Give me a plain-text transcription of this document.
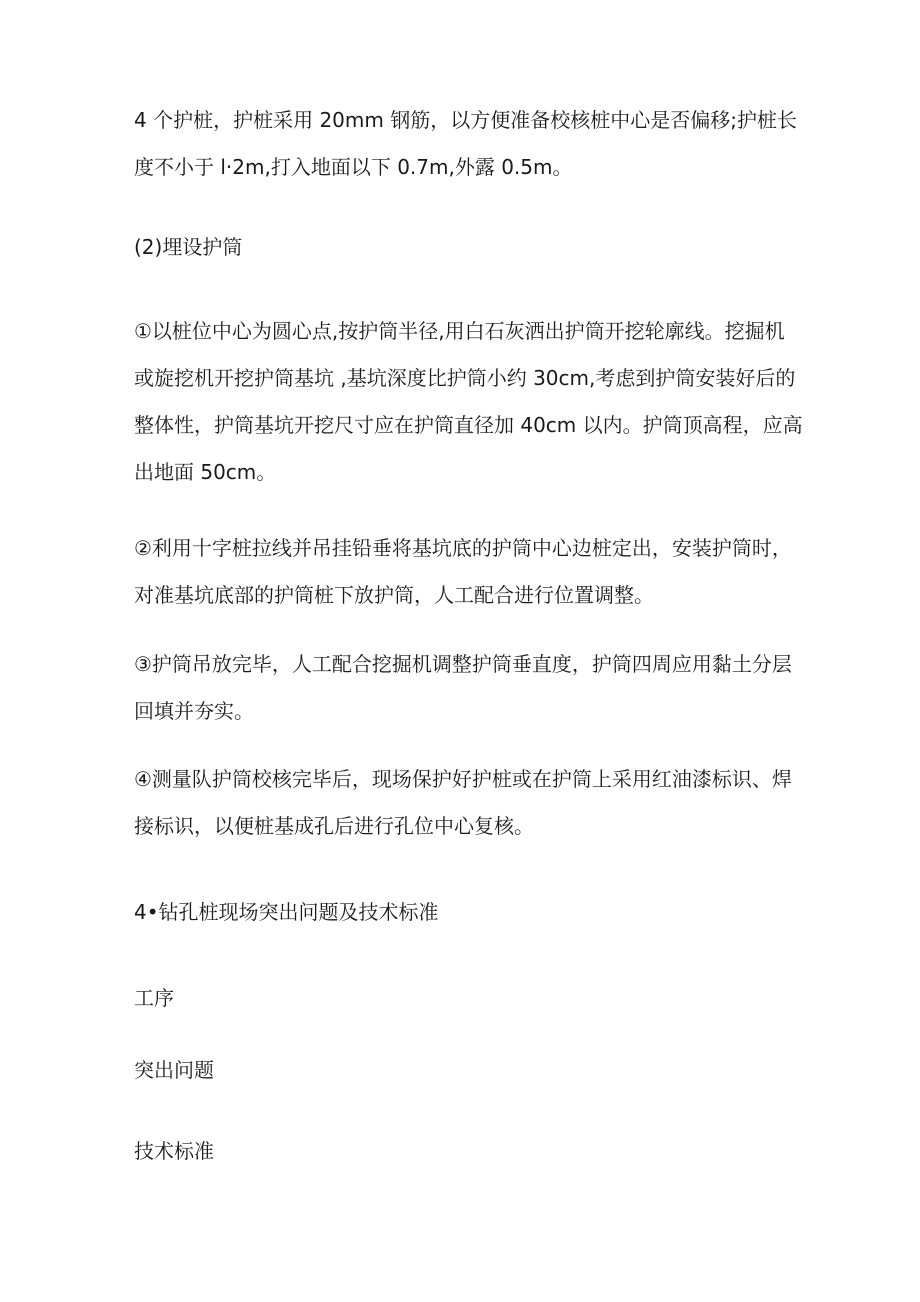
4 个护桩，护桩采用 20mm 钢筋，以方便准备校核桩中心是否偏移;护桩长
度不小于 l·2m,打入地面以下 0.7m,外露 0.5m。

(2)埋设护筒

①以桩位中心为圆心点,按护筒半径,用白石灰洒出护筒开挖轮廓线。挖掘机
或旋挖机开挖护筒基坑 ,基坑深度比护筒小约 30cm,考虑到护筒安装好后的
整体性，护筒基坑开挖尺寸应在护筒直径加 40cm 以内。护筒顶高程，应高
出地面 50cm。

②利用十字桩拉线并吊挂铅垂将基坑底的护筒中心边桩定出，安装护筒时，
对准基坑底部的护筒桩下放护筒，人工配合进行位置调整。

③护筒吊放完毕，人工配合挖掘机调整护筒垂直度，护筒四周应用黏土分层
回填并夯实。

④测量队护筒校核完毕后，现场保护好护桩或在护筒上采用红油漆标识、焊
接标识，以便桩基成孔后进行孔位中心复核。

4•钻孔桩现场突出问题及技术标准

工序

突出问题

技术标准
